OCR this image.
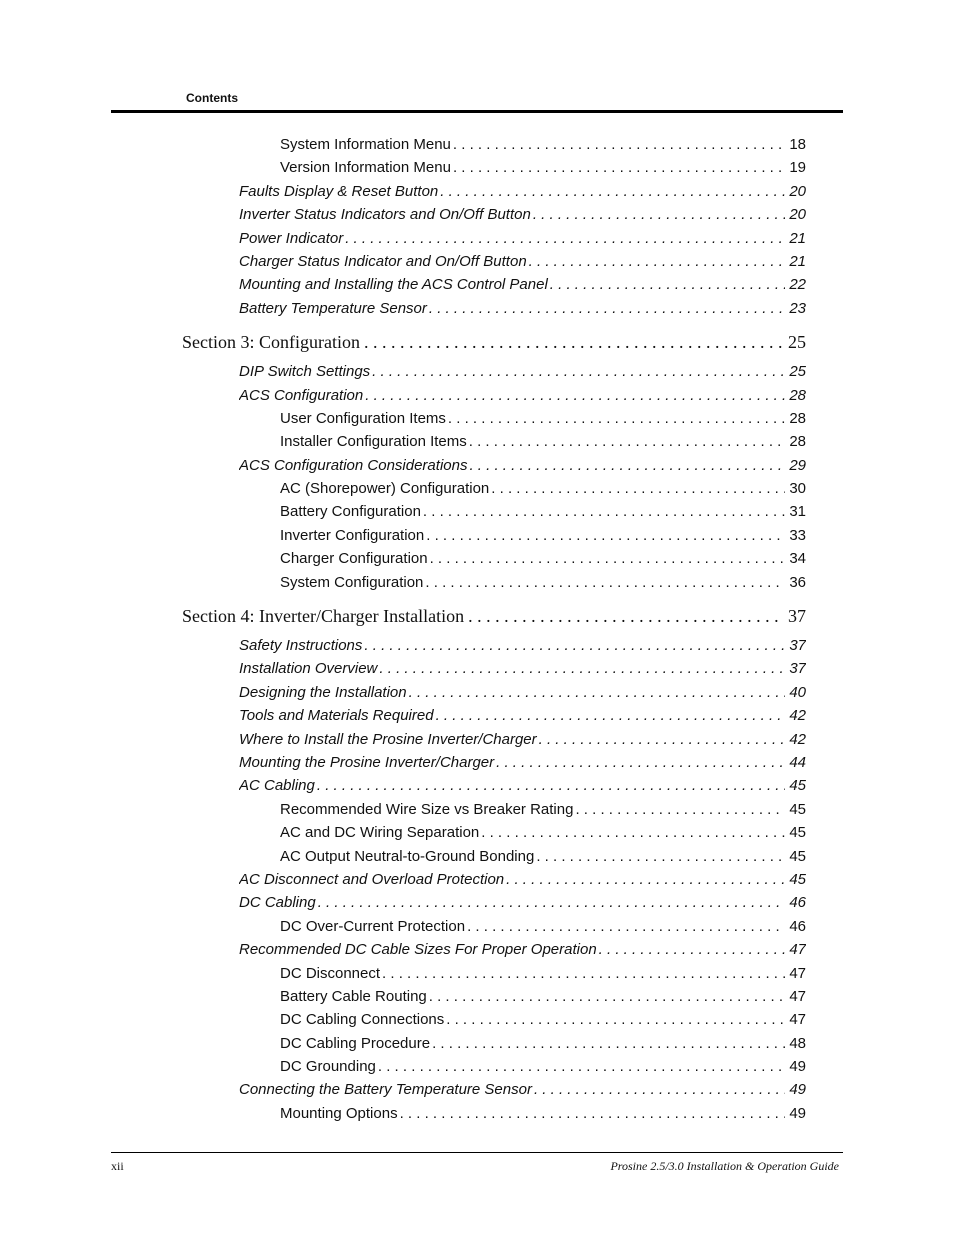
Contents
System Information Menu . . .	18
Version Information Menu . . .	19
Faults Display & Reset Button . . .	20
Inverter Status Indicators and On/Off Button . . .	20
Power Indicator . . .	21
Charger Status Indicator and On/Off Button . . .	21
Mounting and Installing the ACS Control Panel . . .	22
Battery Temperature Sensor . . .	23
Section 3: Configuration . . .	25
DIP Switch Settings . . .	25
ACS Configuration . . .	28
User Configuration Items . . .	28
Installer Configuration Items . . .	28
ACS Configuration Considerations . . .	29
AC (Shorepower) Configuration . . .	30
Battery Configuration . . .	31
Inverter Configuration . . .	33
Charger Configuration . . .	34
System Configuration . . .	36
Section 4: Inverter/Charger Installation . . .	37
Safety Instructions . . .	37
Installation Overview . . .	37
Designing the Installation . . .	40
Tools and Materials Required . . .	42
Where to Install the Prosine Inverter/Charger . . .	42
Mounting the Prosine Inverter/Charger . . .	44
AC Cabling . . .	45
Recommended Wire Size vs Breaker Rating . . .	45
AC and DC Wiring Separation . . .	45
AC Output Neutral-to-Ground Bonding . . .	45
AC Disconnect and Overload Protection . . .	45
DC Cabling . . .	46
DC Over-Current Protection . . .	46
Recommended DC Cable Sizes For Proper Operation . . .	47
DC Disconnect . . .	47
Battery Cable Routing . . .	47
DC Cabling Connections . . .	47
DC Cabling Procedure . . .	48
DC Grounding . . .	49
Connecting the Battery Temperature Sensor . . .	49
Mounting Options . . .	49
xii	Prosine 2.5/3.0 Installation & Operation Guide
